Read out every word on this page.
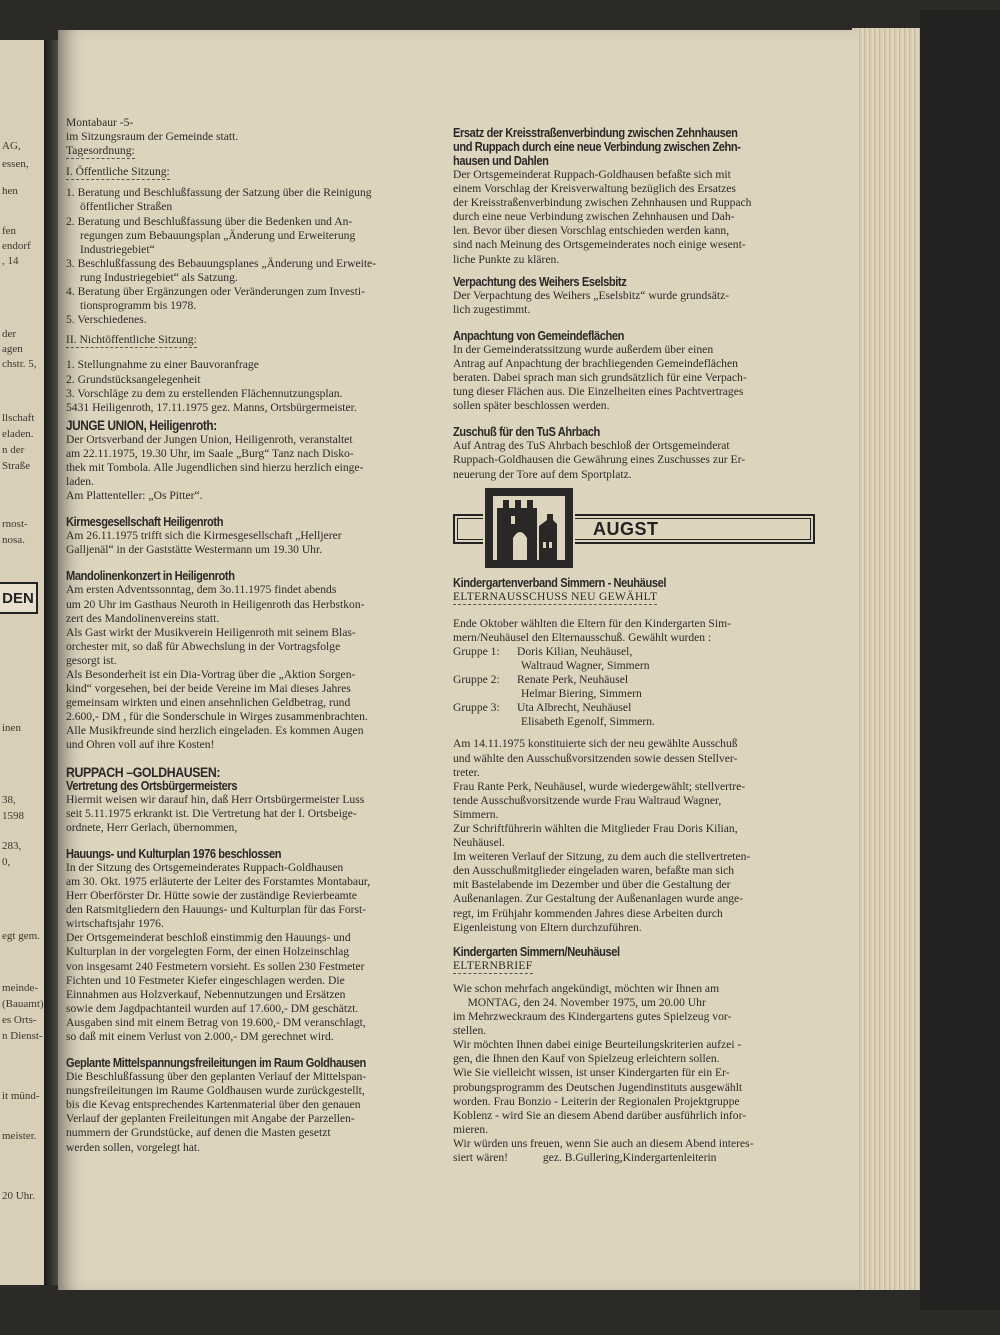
AG,
essen,
hen
fen
endorf
, 14
der
agen
chstr. 5,
llschaft
eladen.
n der
Straße
rnost-
nosa.
inen
38,
1598
283,
0,
egt gem.
meinde-
(Bauamt)
es Orts-
n Dienst-
it münd-
meister.
20 Uhr.
DEN

Montabaur -5-

im Sitzungsraum der Gemeinde statt.

Tagesordnung:

I. Öffentliche Sitzung:

1. Beratung und Beschlußfassung der Satzung über die Reinigung

öffentlicher Straßen

2. Beratung und Beschlußfassung über die Bedenken und An-

regungen zum Bebauungsplan „Änderung und Erweiterung

Industriegebiet“

3. Beschlußfassung des Bebauungsplanes „Änderung und Erweite-

rung Industriegebiet“ als Satzung.

4. Beratung über Ergänzungen oder Veränderungen zum Investi-

tionsprogramm bis 1978.

5. Verschiedenes.

II. Nichtöffentliche Sitzung:

1. Stellungnahme zu einer Bauvoranfrage

2. Grundstücksangelegenheit

3. Vorschläge zu dem zu erstellenden Flächennutzungsplan.

5431 Heiligenroth, 17.11.1975 gez. Manns, Ortsbürgermeister.

JUNGE UNION, Heiligenroth:

Der Ortsverband der Jungen Union, Heiligenroth, veranstaltet

am 22.11.1975, 19.30 Uhr, im Saale „Burg“ Tanz nach Disko-

thek mit Tombola. Alle Jugendlichen sind hierzu herzlich einge-

laden.

Am Plattenteller: „Os Pitter“.

Kirmesgesellschaft Heiligenroth

Am 26.11.1975 trifft sich die Kirmesgesellschaft „Helljerer

Galljenäl“ in der Gaststätte Westermann um 19.30 Uhr.

Mandolinenkonzert in Heiligenroth

Am ersten Adventssonntag, dem 3o.11.1975 findet abends

um 20 Uhr im Gasthaus Neuroth in Heiligenroth das Herbstkon-

zert des Mandolinenvereins statt.

Als Gast wirkt der Musikverein Heiligenroth mit seinem Blas-

orchester mit, so daß für Abwechslung in der Vortragsfolge

gesorgt ist.

Als Besonderheit ist ein Dia-Vortrag über die „Aktion Sorgen-

kind“ vorgesehen, bei der beide Vereine im Mai dieses Jahres

gemeinsam wirkten und einen ansehnlichen Geldbetrag, rund

2.600,- DM , für die Sonderschule in Wirges zusammenbrachten.

Alle Musikfreunde sind herzlich eingeladen. Es kommen Augen

und Ohren voll auf ihre Kosten!

RUPPACH –GOLDHAUSEN:

Vertretung des Ortsbürgermeisters

Hiermit weisen wir darauf hin, daß Herr Ortsbürgermeister Luss

seit 5.11.1975 erkrankt ist. Die Vertretung hat der I. Ortsbeige-

ordnete, Herr Gerlach, übernommen,

Hauungs- und Kulturplan 1976 beschlossen

In der Sitzung des Ortsgemeinderates Ruppach-Goldhausen

am 30. Okt. 1975 erläuterte der Leiter des Forstamtes Montabaur,

Herr Oberförster Dr. Hütte sowie der zuständige Revierbeamte

den Ratsmitgliedern den Hauungs- und Kulturplan für das Forst-

wirtschaftsjahr 1976.

Der Ortsgemeinderat beschloß einstimmig den Hauungs- und

Kulturplan in der vorgelegten Form, der einen Holzeinschlag

von insgesamt 240 Festmetern vorsieht. Es sollen 230 Festmeter

Fichten und 10 Festmeter Kiefer eingeschlagen werden. Die

Einnahmen aus Holzverkauf, Nebennutzungen und Ersätzen

sowie dem Jagdpachtanteil wurden auf 17.600,- DM geschätzt.

Ausgaben sind mit einem Betrag von 19.600,- DM veranschlagt,

so daß mit einem Verlust von 2.000,- DM gerechnet wird.

Geplante Mittelspannungsfreileitungen im Raum Goldhausen

Die Beschlußfassung über den geplanten Verlauf der Mittelspan-

nungsfreileitungen im Raume Goldhausen wurde zurückgestellt,

bis die Kevag entsprechendes Kartenmaterial über den genauen

Verlauf der geplanten Freileitungen mit Angabe der Parzellen-

nummern der Grundstücke, auf denen die Masten gesetzt

werden sollen, vorgelegt hat.

Ersatz der Kreisstraßenverbindung zwischen Zehnhausen

und Ruppach durch eine neue Verbindung zwischen Zehn-

hausen und Dahlen

Der Ortsgemeinderat Ruppach-Goldhausen befaßte sich mit

einem Vorschlag der Kreisverwaltung bezüglich des Ersatzes

der Kreisstraßenverbindung zwischen Zehnhausen und Ruppach

durch eine neue Verbindung zwischen Zehnhausen und Dah-

len. Bevor über diesen Vorschlag entschieden werden kann,

sind nach Meinung des Ortsgemeinderates noch einige wesent-

liche Punkte zu klären.

Verpachtung des Weihers Eselsbitz

Der Verpachtung des Weihers „Eselsbitz“ wurde grundsätz-

lich zugestimmt.

Anpachtung von Gemeindeflächen

In der Gemeinderatssitzung wurde außerdem über einen

Antrag auf Anpachtung der brachliegenden Gemeindeflächen

beraten. Dabei sprach man sich grundsätzlich für eine Verpach-

tung dieser Flächen aus. Die Einzelheiten eines Pachtvertrages

sollen später beschlossen werden.

Zuschuß für den TuS Ahrbach

Auf Antrag des TuS Ahrbach beschloß der Ortsgemeinderat

Ruppach-Goldhausen die Gewährung eines Zuschusses zur Er-

neuerung der Tore auf dem Sportplatz.

AUGST

Kindergartenverband Simmern - Neuhäusel

ELTERNAUSSCHUSS NEU GEWÄHLT

Ende Oktober wählten die Eltern für den Kindergarten Sim-

mern/Neuhäusel den Elternausschuß. Gewählt wurden :

Gruppe 1: Doris Kilian, Neuhäusel,

Waltraud Wagner, Simmern

Gruppe 2: Renate Perk, Neuhäusel

Helmar Biering, Simmern

Gruppe 3: Uta Albrecht, Neuhäusel

Elisabeth Egenolf, Simmern.

Am 14.11.1975 konstituierte sich der neu gewählte Ausschuß

und wählte den Ausschußvorsitzenden sowie dessen Stellver-

treter.

Frau Rante Perk, Neuhäusel, wurde wiedergewählt; stellvertre-

tende Ausschußvorsitzende wurde Frau Waltraud Wagner,

Simmern.

Zur Schriftführerin wählten die Mitglieder Frau Doris Kilian,

Neuhäusel.

Im weiteren Verlauf der Sitzung, zu dem auch die stellvertreten-

den Ausschußmitglieder eingeladen waren, befaßte man sich

mit Bastelabende im Dezember und über die Gestaltung der

Außenanlagen. Zur Gestaltung der Außenanlagen wurde ange-

regt, im Frühjahr kommenden Jahres diese Arbeiten durch

Eigenleistung von Eltern durchzuführen.

Kindergarten Simmern/Neuhäusel

ELTERNBRIEF

Wie schon mehrfach angekündigt, möchten wir Ihnen am

MONTAG, den 24. November 1975, um 20.00 Uhr

im Mehrzweckraum des Kindergartens gutes Spielzeug vor-

stellen.

Wir möchten Ihnen dabei einige Beurteilungskriterien aufzei -

gen, die Ihnen den Kauf von Spielzeug erleichtern sollen.

Wie Sie vielleicht wissen, ist unser Kindergarten für ein Er-

probungsprogramm des Deutschen Jugendinstituts ausgewählt

worden. Frau Bonzio - Leiterin der Regionalen Projektgruppe

Koblenz - wird Sie an diesem Abend darüber ausführlich infor-

mieren.

Wir würden uns freuen, wenn Sie auch an diesem Abend interes-

siert wären!            gez. B.Gullering,Kindergartenleiterin
